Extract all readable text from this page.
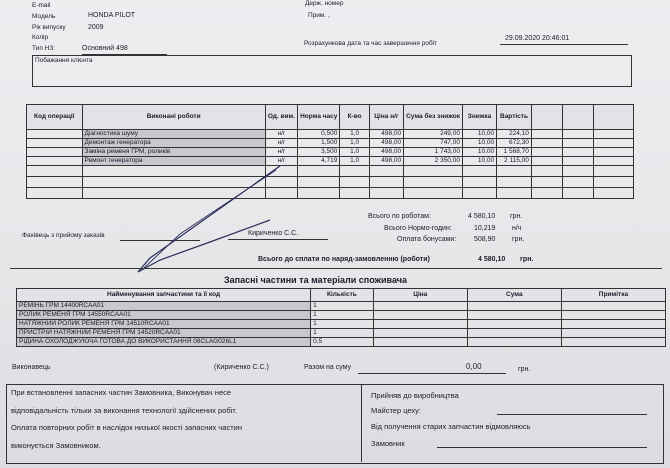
E-mail
Модель	HONDA PILOT
Рік випуску	2009
Колір
Тип НЗ:	Основний 498
Держ. номер
Прим. ,
Розрахункова дата та час завершення робіт
29.09.2020 20:46:01
Побажання клієнта
Код операції	Виконані роботи	Од. вим.	Норма часу	К-во	Ціна н/г	Сума без знижок	Знижка	Вартість			
	Діагностика шуму	н/г	0,500	1,0	498,00	249,00	10,00	224,10			
	Демонтаж генератора	н/г	1,500	1,0	498,00	747,00	10,00	672,30			
	Заміна ременя ГРМ, роликів	н/г	3,500	1,0	498,00	1 743,00	10,00	1 568,70			
	Ремонт генератора	н/г	4,719	1,0	498,00	2 350,00	10,00	2 115,00			

Всього по роботам:	4 580,10 грн.
Всього Нормо-годин:	10,219 н/ч
Оплата бонусами:	508,90 грн.
Фахівець з прийому заказів	Кириченко С.С.
Всього до сплати по наряд-замовленню (роботи)	4 580,10 грн.
Запасні частини та матеріали споживача
Найменування запчастини та її код	Кількість	Ціна	Сума	Примітка
РЕМІНЬ ГРМ 14400RCAA01	1			
РОЛИК РЕМЕНЯ ГРМ 14550RCAA01	1			
НАТЯЖНИЙ РОЛИК РЕМЕНЯ ГРМ 14510RCAA01	1			
ПРИСТРІЙ НАТЯЖНИЙ РЕМЕНЯ ГРМ 14520RCAA01	1			
РІДИНА ОХОЛОДЖУЮЧА ГОТОВА ДО ВИКОРИСТАННЯ 08CLAG026L1	0,5			
Виконавець	(Кириченко С.С.)	Разом на суму	0,00	грн.
При встановленні запасних частин Замовника, Виконувач несе
відповідальність тільки за виконання технології здійснених робіт.
Оплата повторних робіт в наслідок низької якості запасних частин
виконується Замовником.
Прийняв до виробництва
Майстер цеху:
Від получення старих запчастин відмовляюсь
Замовник
